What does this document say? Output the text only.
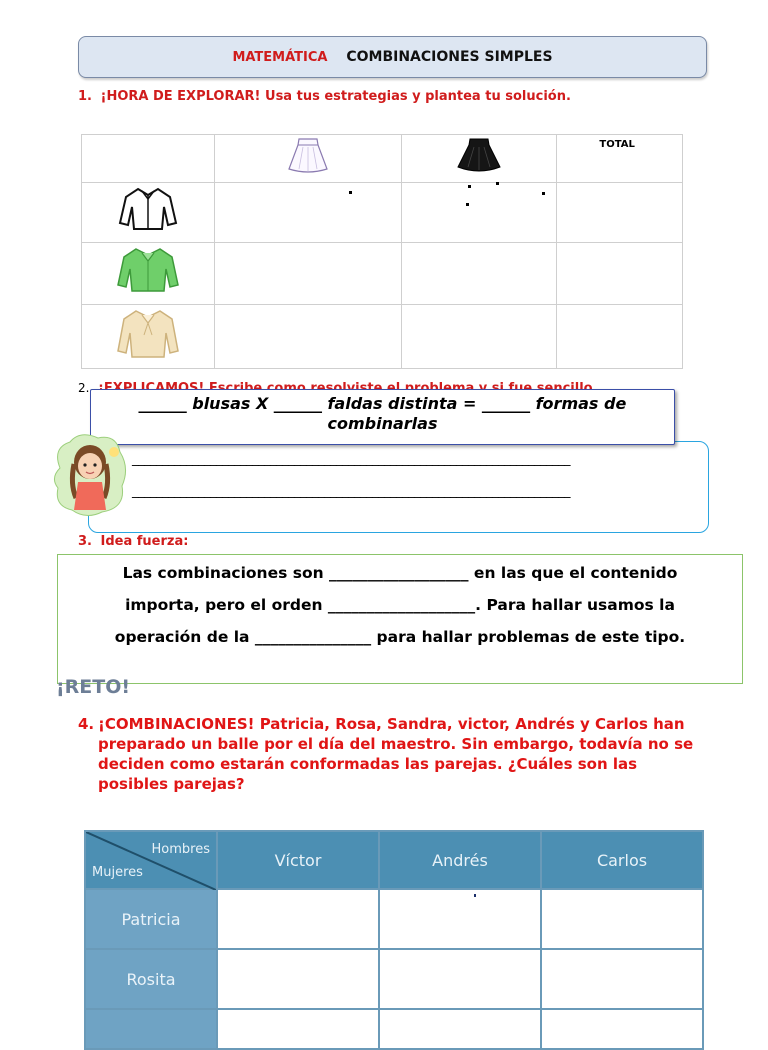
MATEMÁTICA COMBINACIONES SIMPLES
1. ¡HORA DE EXPLORAR! Usa tus estrategias y plantea tu solución.

TOTAL

2.
______ blusas X ______ faldas distinta = ______ formas de
combinarlas
_________________________________________________________________________
_________________________________________________________________________
3. Idea fuerza:

Las combinaciones son __________________ en las que el contenido

importa, pero el orden ___________________. Para hallar usamos la

operación de la _______________ para hallar problemas de este tipo.

¡RETO!
4. ¡COMBINACIONES! Patricia, Rosa, Sandra, victor, Andrés y Carlos han preparado un balle por el día del maestro. Sin embargo, todavía no se deciden como estarán conformadas las parejas. ¿Cuáles son las posibles parejas?
Hombres
Mujeres	Víctor	Andrés	Carlos
Patricia		

Rosita			
